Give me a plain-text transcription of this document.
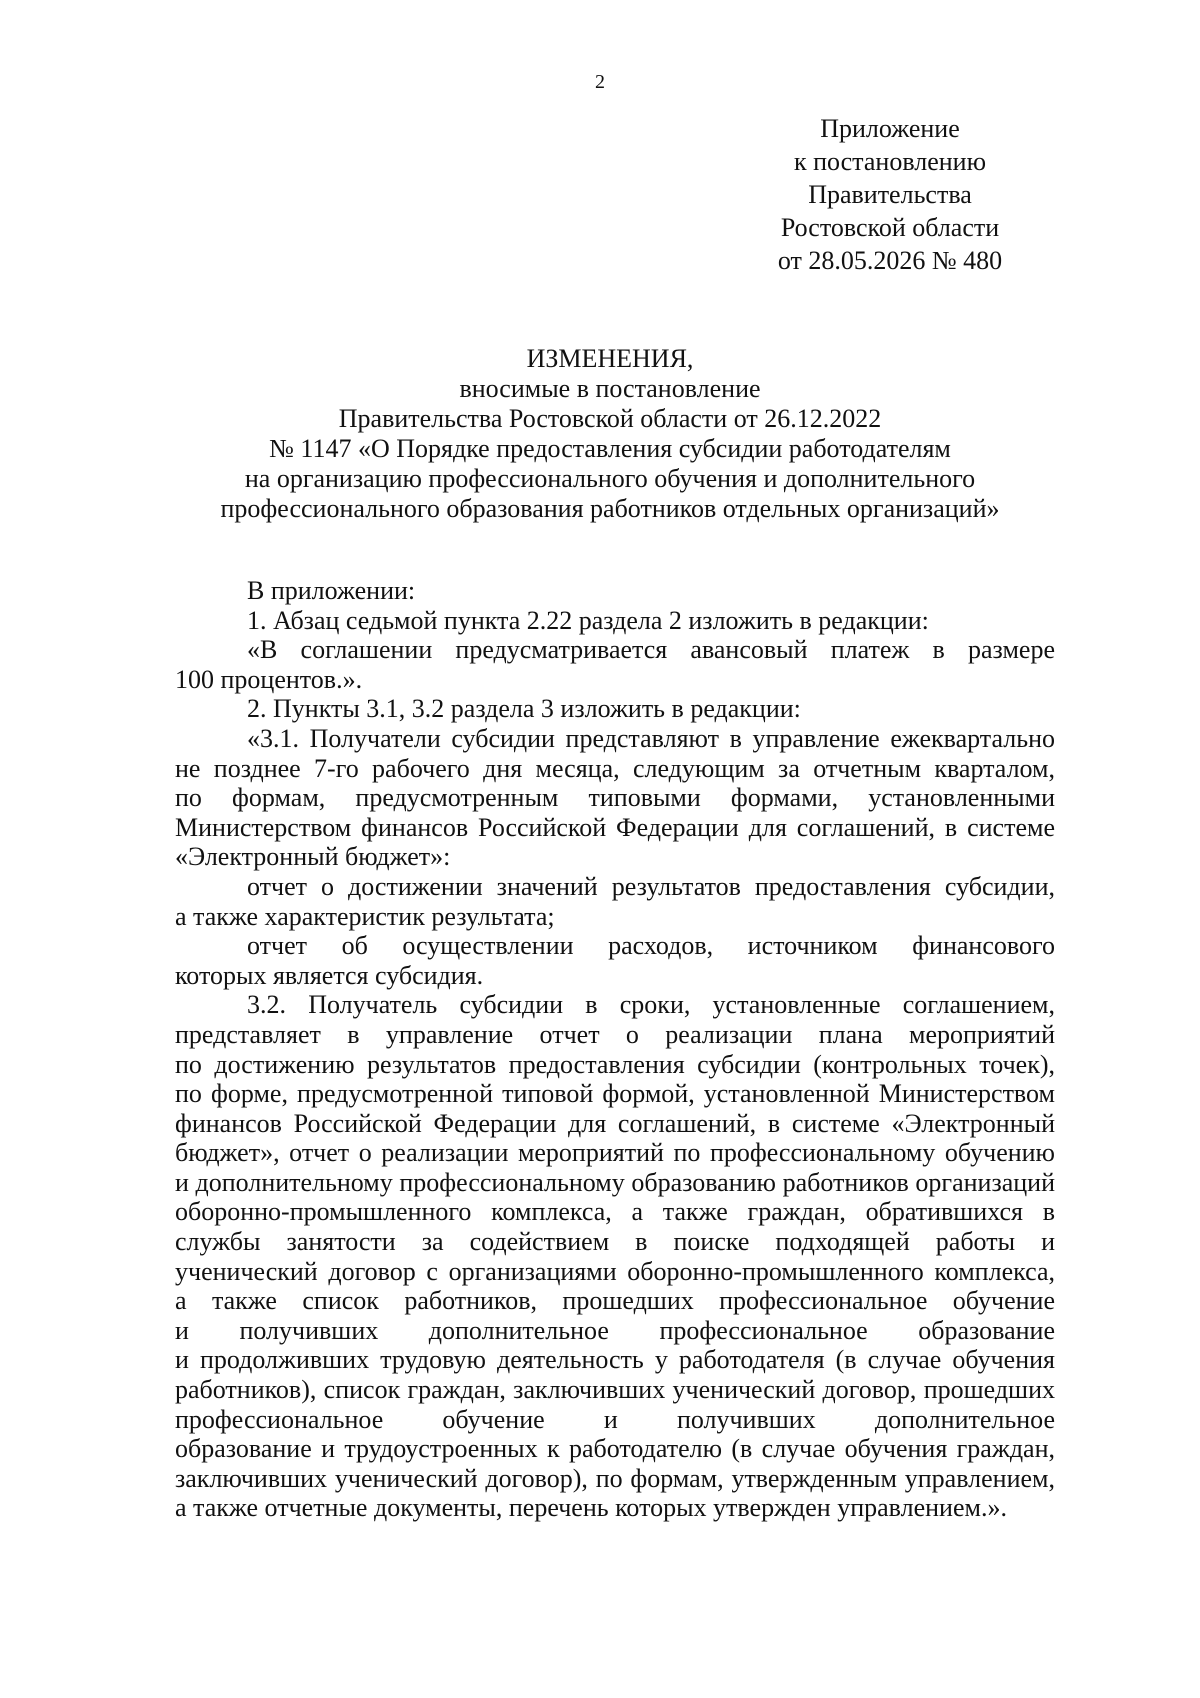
2
Приложение
к постановлению
Правительства
Ростовской области
от 28.05.2026 № 480
ИЗМЕНЕНИЯ,
вносимые в постановление
Правительства Ростовской области от 26.12.2022
№ 1147 «О Порядке предоставления субсидии работодателям
на организацию профессионального обучения и дополнительного
профессионального образования работников отдельных организаций»
В приложении:
1. Абзац седьмой пункта 2.22 раздела 2 изложить в редакции:
«В соглашении предусматривается авансовый платеж в размере
100 процентов.».
2. Пункты 3.1, 3.2 раздела 3 изложить в редакции:
«3.1. Получатели субсидии представляют в управление ежеквартально
не позднее 7-го рабочего дня месяца, следующим за отчетным кварталом,
по формам, предусмотренным типовыми формами, установленными
Министерством финансов Российской Федерации для соглашений, в системе
«Электронный бюджет»:
отчет о достижении значений результатов предоставления субсидии,
а также характеристик результата;
отчет об осуществлении расходов, источником финансового
которых является субсидия.
3.2. Получатель субсидии в сроки, установленные соглашением,
представляет в управление отчет о реализации плана мероприятий
по достижению результатов предоставления субсидии (контрольных точек),
по форме, предусмотренной типовой формой, установленной Министерством
финансов Российской Федерации для соглашений, в системе «Электронный
бюджет», отчет о реализации мероприятий по профессиональному обучению
и дополнительному профессиональному образованию работников организаций
оборонно-промышленного комплекса, а также граждан, обратившихся в
службы занятости за содействием в поиске подходящей работы и
ученический договор с организациями оборонно-промышленного комплекса,
а также список работников, прошедших профессиональное обучение
и получивших дополнительное профессиональное образование
и продолживших трудовую деятельность у работодателя (в случае обучения
работников), список граждан, заключивших ученический договор, прошедших
профессиональное обучение и получивших дополнительное
образование и трудоустроенных к работодателю (в случае обучения граждан,
заключивших ученический договор), по формам, утвержденным управлением,
а также отчетные документы, перечень которых утвержден управлением.».
